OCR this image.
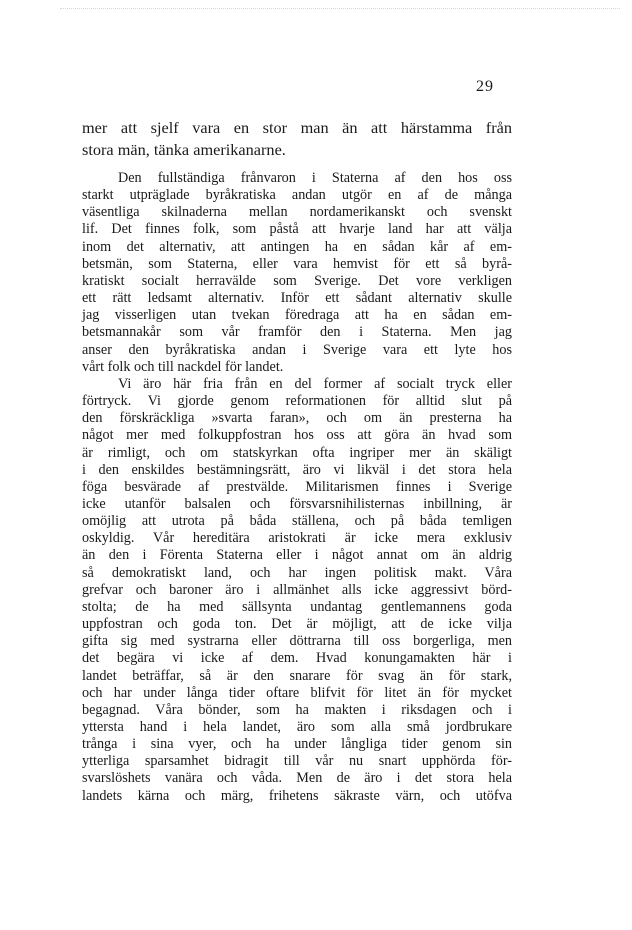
29
mer att sjelf vara en stor man än att härstamma från
stora män, tänka amerikanarne.
Den fullständiga frånvaron i Staterna af den hos oss
starkt utpräglade byråkratiska andan utgör en af de många
väsentliga skilnaderna mellan nordamerikanskt och svenskt
lif. Det finnes folk, som påstå att hvarje land har att välja
inom det alternativ, att antingen ha en sådan kår af em-
betsmän, som Staterna, eller vara hemvist för ett så byrå-
kratiskt socialt herravälde som Sverige. Det vore verkligen
ett rätt ledsamt alternativ. Inför ett sådant alternativ skulle
jag visserligen utan tvekan föredraga att ha en sådan em-
betsmannakår som vår framför den i Staterna. Men jag
anser den byråkratiska andan i Sverige vara ett lyte hos
vårt folk och till nackdel för landet.
Vi äro här fria från en del former af socialt tryck eller
förtryck. Vi gjorde genom reformationen för alltid slut på
den förskräckliga »svarta faran», och om än presterna ha
något mer med folkuppfostran hos oss att göra än hvad som
är rimligt, och om statskyrkan ofta ingriper mer än skäligt
i den enskildes bestämningsrätt, äro vi likväl i det stora hela
föga besvärade af prestvälde. Militarismen finnes i Sverige
icke utanför balsalen och försvarsnihilisternas inbillning, är
omöjlig att utrota på båda ställena, och på båda temligen
oskyldig. Vår hereditära aristokrati är icke mera exklusiv
än den i Förenta Staterna eller i något annat om än aldrig
så demokratiskt land, och har ingen politisk makt. Våra
grefvar och baroner äro i allmänhet alls icke aggressivt börd-
stolta; de ha med sällsynta undantag gentlemannens goda
uppfostran och goda ton. Det är möjligt, att de icke vilja
gifta sig med systrarna eller döttrarna till oss borgerliga, men
det begära vi icke af dem. Hvad konungamakten här i
landet beträffar, så är den snarare för svag än för stark,
och har under långa tider oftare blifvit för litet än för mycket
begagnad. Våra bönder, som ha makten i riksdagen och i
yttersta hand i hela landet, äro som alla små jordbrukare
trånga i sina vyer, och ha under långliga tider genom sin
ytterliga sparsamhet bidragit till vår nu snart upphörda för-
svarslöshets vanära och våda. Men de äro i det stora hela
landets kärna och märg, frihetens säkraste värn, och utöfva
